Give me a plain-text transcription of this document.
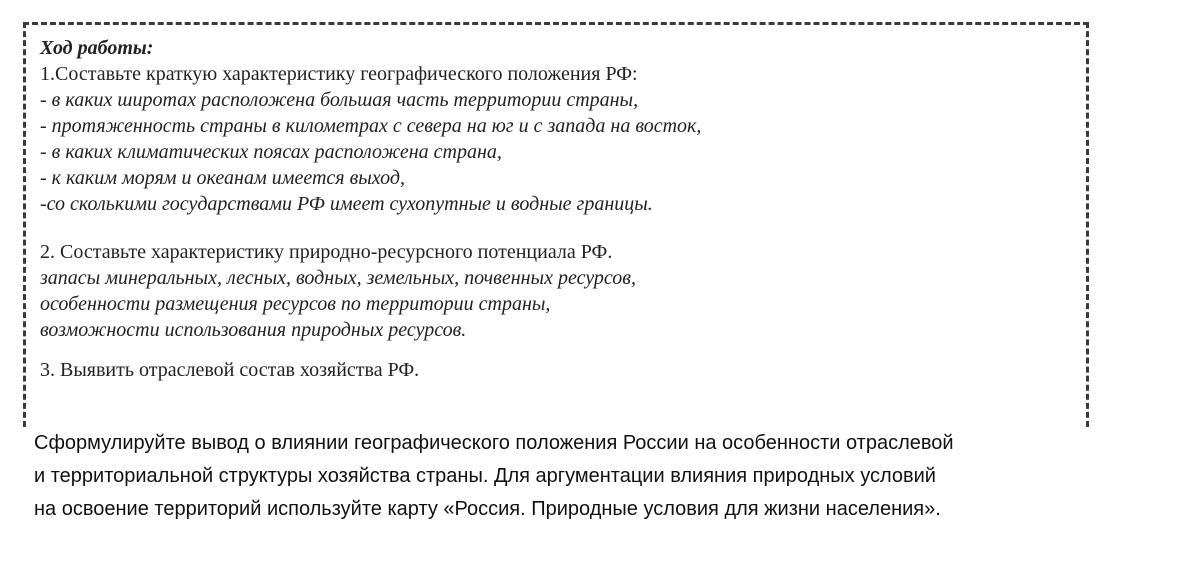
Ход работы:

1.Составьте краткую характеристику географического положения РФ:

- в каких широтах расположена большая часть территории страны,

- протяженность страны в километрах с севера на юг и с запада на восток,

- в каких климатических поясах расположена страна,

- к каким морям и океанам имеется выход,

-со сколькими государствами РФ имеет сухопутные и водные границы.

2. Составьте характеристику природно-ресурсного потенциала РФ.

запасы минеральных, лесных, водных, земельных, почвенных ресурсов,

особенности размещения ресурсов по территории страны,

возможности использования природных ресурсов.

3. Выявить отраслевой состав хозяйства РФ.

Сформулируйте вывод о влиянии географического положения России на особенности отраслевой

и территориальной структуры хозяйства страны. Для аргументации влияния природных условий

на освоение территорий используйте карту «Россия. Природные условия для жизни населения».
